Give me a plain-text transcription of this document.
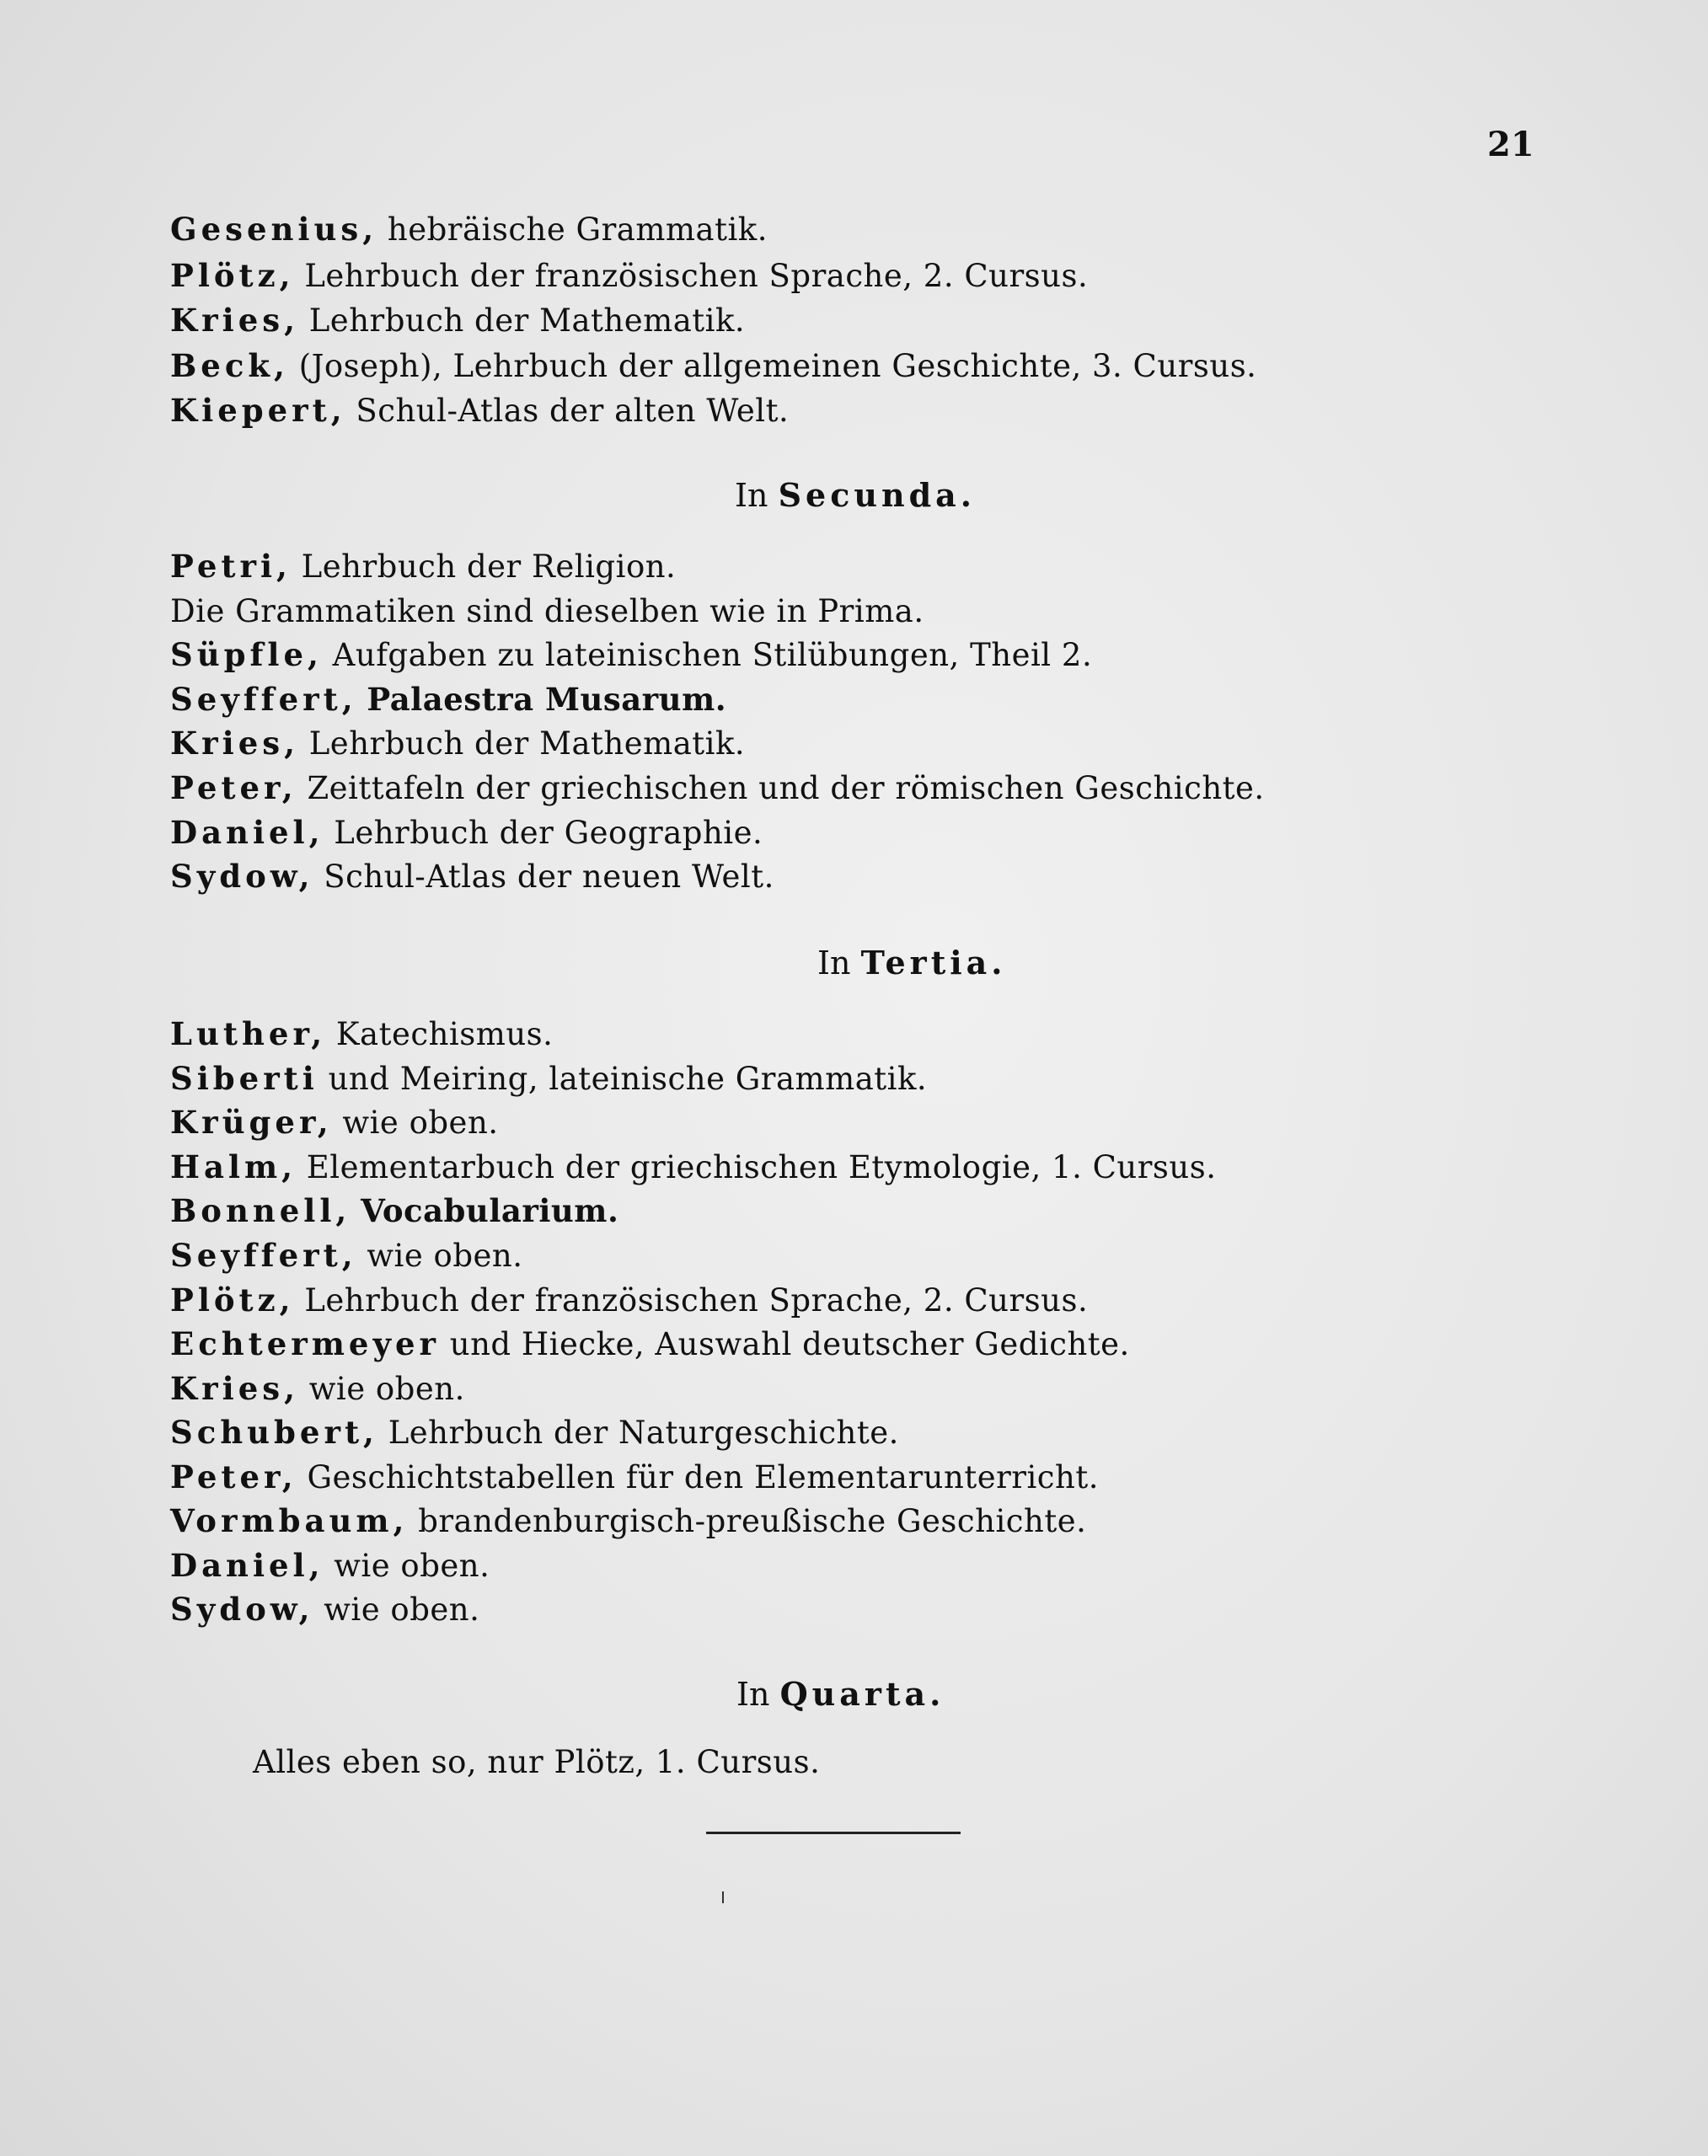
21
Gesenius, hebräische Grammatik.
Plötz, Lehrbuch der französischen Sprache, 2. Cursus.
Kries, Lehrbuch der Mathematik.
Beck, (Joseph), Lehrbuch der allgemeinen Geschichte, 3. Cursus.
Kiepert, Schul-Atlas der alten Welt.
In Secunda.
Petri, Lehrbuch der Religion.
Die Grammatiken sind dieselben wie in Prima.
Süpfle, Aufgaben zu lateinischen Stilübungen, Theil 2.
Seyffert, Palaestra Musarum.
Kries, Lehrbuch der Mathematik.
Peter, Zeittafeln der griechischen und der römischen Geschichte.
Daniel, Lehrbuch der Geographie.
Sydow, Schul-Atlas der neuen Welt.
In Tertia.
Luther, Katechismus.
Siberti und Meiring, lateinische Grammatik.
Krüger, wie oben.
Halm, Elementarbuch der griechischen Etymologie, 1. Cursus.
Bonnell, Vocabularium.
Seyffert, wie oben.
Plötz, Lehrbuch der französischen Sprache, 2. Cursus.
Echtermeyer und Hiecke, Auswahl deutscher Gedichte.
Kries, wie oben.
Schubert, Lehrbuch der Naturgeschichte.
Peter, Geschichtstabellen für den Elementarunterricht.
Vormbaum, brandenburgisch-preußische Geschichte.
Daniel, wie oben.
Sydow, wie oben.
In Quarta.
Alles eben so, nur Plötz, 1. Cursus.
